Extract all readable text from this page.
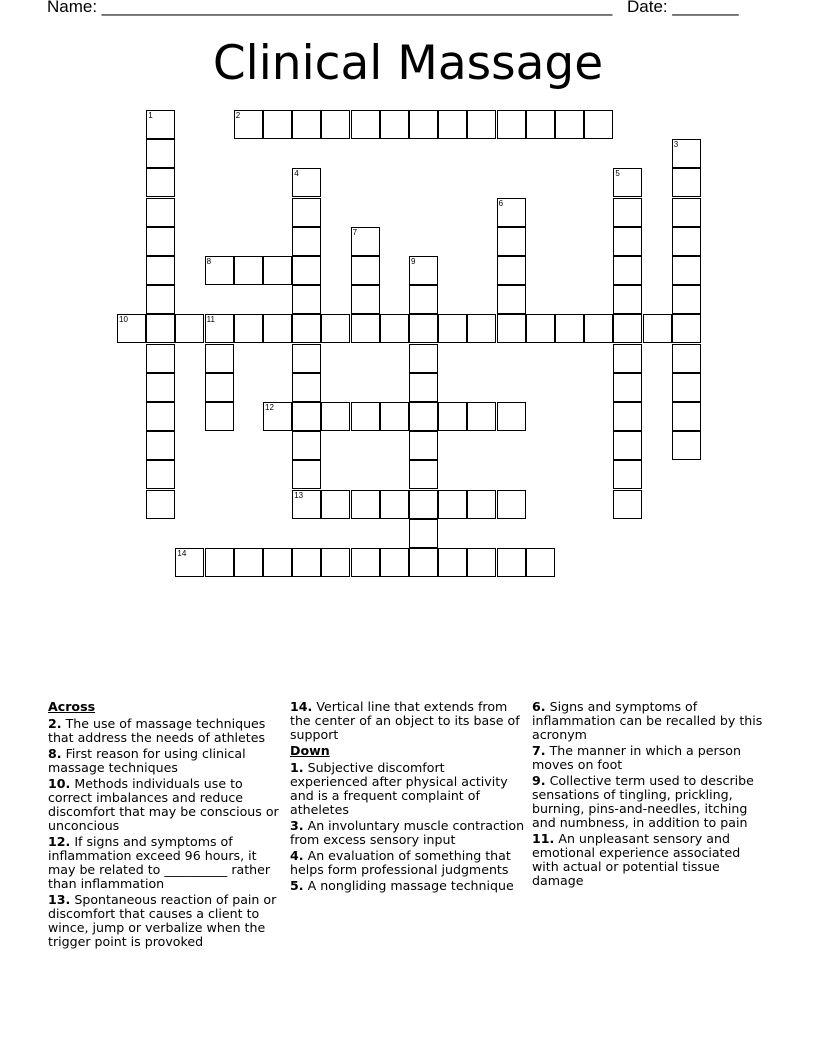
Name: ______________________________________________________ Date: _______
Clinical Massage
1	2
3
4	5
6
7
8	9
10	11
12
13
14
Across
2. The use of massage techniques that address the needs of athletes
8. First reason for using clinical massage techniques
10. Methods individuals use to correct imbalances and reduce discomfort that may be conscious or unconcious
12. If signs and symptoms of inflammation exceed 96 hours, it may be related to __________ rather than inflammation
13. Spontaneous reaction of pain or discomfort that causes a client to wince, jump or verbalize when the trigger point is provoked
14. Vertical line that extends from the center of an object to its base of support
Down
1. Subjective discomfort experienced after physical activity and is a frequent complaint of atheletes
3. An involuntary muscle contraction from excess sensory input
4. An evaluation of something that helps form professional judgments
5. A nongliding massage technique
6. Signs and symptoms of inflammation can be recalled by this acronym
7. The manner in which a person moves on foot
9. Collective term used to describe sensations of tingling, prickling, burning, pins-and-needles, itching and numbness, in addition to pain
11. An unpleasant sensory and emotional experience associated with actual or potential tissue damage
